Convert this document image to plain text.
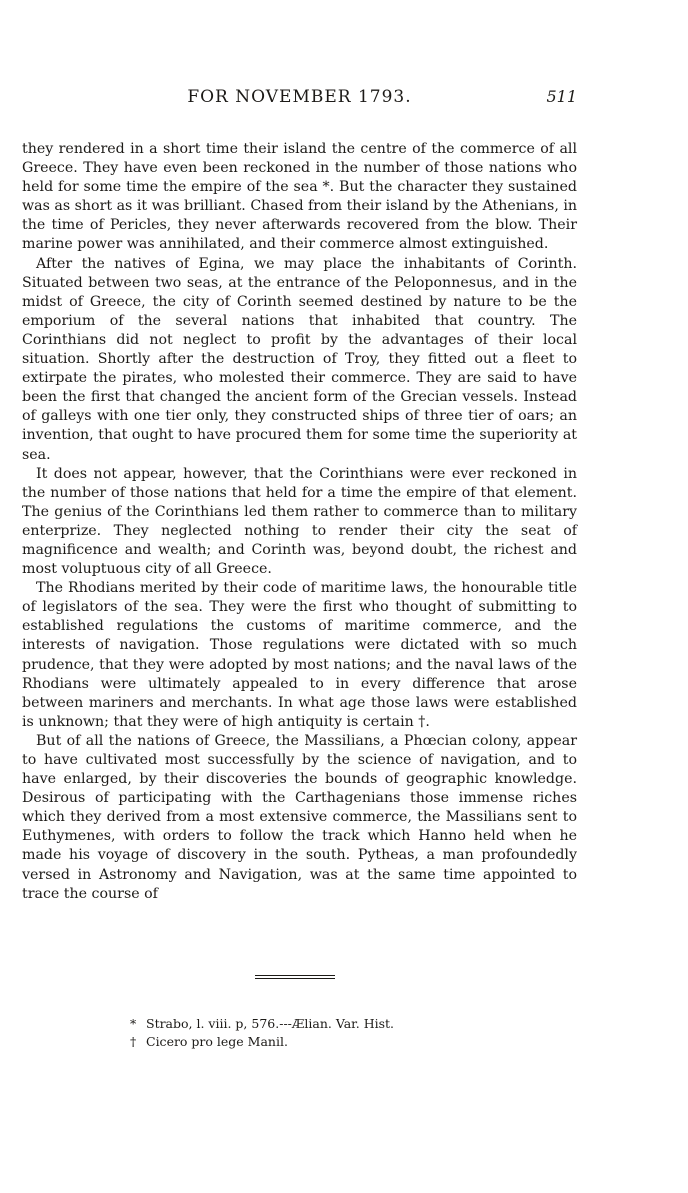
FOR NOVEMBER 1793.	511

they rendered in a short time their island the centre of the commerce of all Greece. They have even been reckoned in the number of those nations who held for some time the empire of the sea *. But the character they sustained was as short as it was brilliant. Chased from their island by the Athenians, in the time of Pericles, they never afterwards recovered from the blow. Their marine power was annihilated, and their commerce almost extinguished.

After the natives of Egina, we may place the inhabitants of Corinth. Situated between two seas, at the entrance of the Peloponnesus, and in the midst of Greece, the city of Corinth seemed destined by nature to be the emporium of the several nations that inhabited that country. The Corinthians did not neglect to profit by the advantages of their local situation. Shortly after the destruction of Troy, they fitted out a fleet to extirpate the pirates, who molested their commerce. They are said to have been the first that changed the ancient form of the Grecian vessels. Instead of galleys with one tier only, they constructed ships of three tier of oars; an invention, that ought to have procured them for some time the superiority at sea.

It does not appear, however, that the Corinthians were ever reckoned in the number of those nations that held for a time the empire of that element. The genius of the Corinthians led them rather to commerce than to military enterprize. They neglected nothing to render their city the seat of magnificence and wealth; and Corinth was, beyond doubt, the richest and most voluptuous city of all Greece.

The Rhodians merited by their code of maritime laws, the honourable title of legislators of the sea. They were the first who thought of submitting to established regulations the customs of maritime commerce, and the interests of navigation. Those regulations were dictated with so much prudence, that they were adopted by most nations; and the naval laws of the Rhodians were ultimately appealed to in every difference that arose between mariners and merchants. In what age those laws were established is unknown; that they were of high antiquity is certain †.

But of all the nations of Greece, the Massilians, a Phœcian colony, appear to have cultivated most successfully by the science of navigation, and to have enlarged, by their discoveries the bounds of geographic knowledge. Desirous of participating with the Carthagenians those immense riches which they derived from a most extensive commerce, the Massilians sent to Euthymenes, with orders to follow the track which Hanno held when he made his voyage of discovery in the south. Pytheas, a man profoundedly versed in Astronomy and Navigation, was at the same time appointed to trace the course of

* Strabo, l. viii. p, 576.---Ælian. Var. Hist.

† Cicero pro lege Manil.
